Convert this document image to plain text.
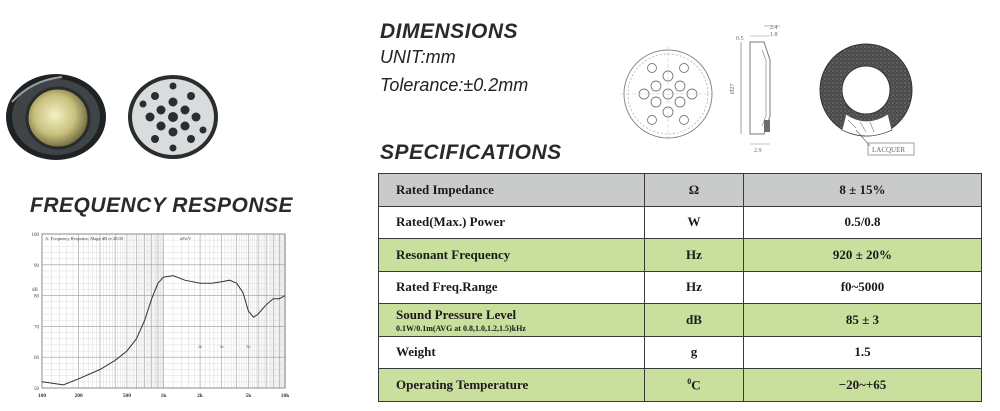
DIMENSIONS
UNIT:mm
Tolerance:±0.2mm
2.4
1.8
0.5
Ø27
2.9	LACQUER
SPECIFICATIONS
Rated Impedance	Ω	8 ± 15%
Rated(Max.) Power	W	0.5/0.8
Resonant Frequency	Hz	920 ± 20%
Rated Freq.Range	Hz	f0~5000
Sound Pressure Level
0.1W/0.1m(AVG at 0.8,1.0,1.2,1.5)kHz	dB	85 ± 3
Weight	g	1.5
Operating Temperature	$^0$C	−20~+65
FREQUENCY RESPONSE
50
60
70
80
90
100
dB
100	200	500	1k	2k	5k	10k
2k	3k	5k
A: Frequency Response, Magn dB re 20.00	uPa/V
